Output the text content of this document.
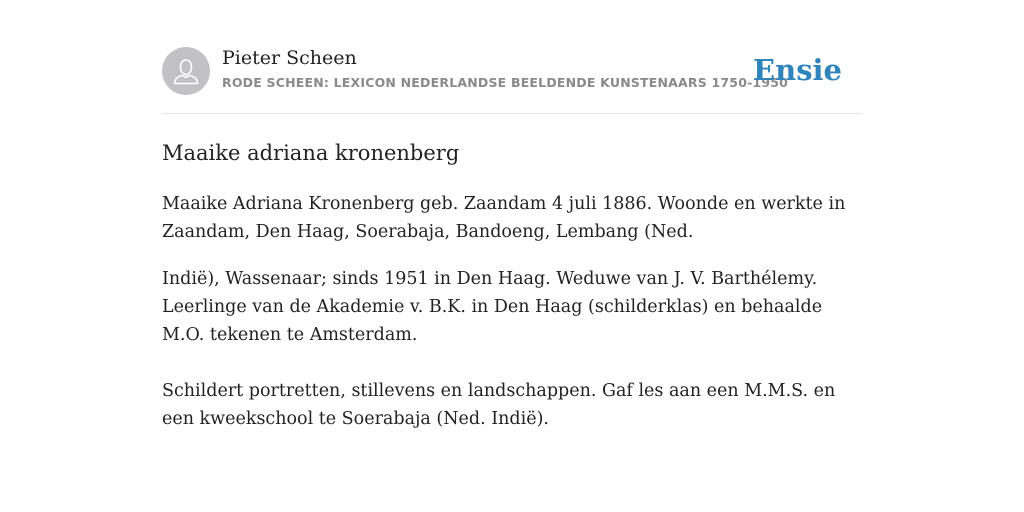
Pieter Scheen
RODE SCHEEN: LEXICON NEDERLANDSE BEELDENDE KUNSTENAARS 1750-1950
Ensie
Maaike adriana kronenberg

Maaike Adriana Kronenberg geb. Zaandam 4 juli 1886. Woonde en werkte in Zaandam, Den Haag, Soerabaja, Bandoeng, Lembang (Ned.

Indië), Wassenaar; sinds 1951 in Den Haag. Weduwe van J. V. Barthélemy. Leerlinge van de Akademie v. B.K. in Den Haag (schilderklas) en behaalde M.O. tekenen te Amsterdam.

Schildert portretten, stillevens en landschappen. Gaf les aan een M.M.S. en een kweekschool te Soerabaja (Ned. Indië).
